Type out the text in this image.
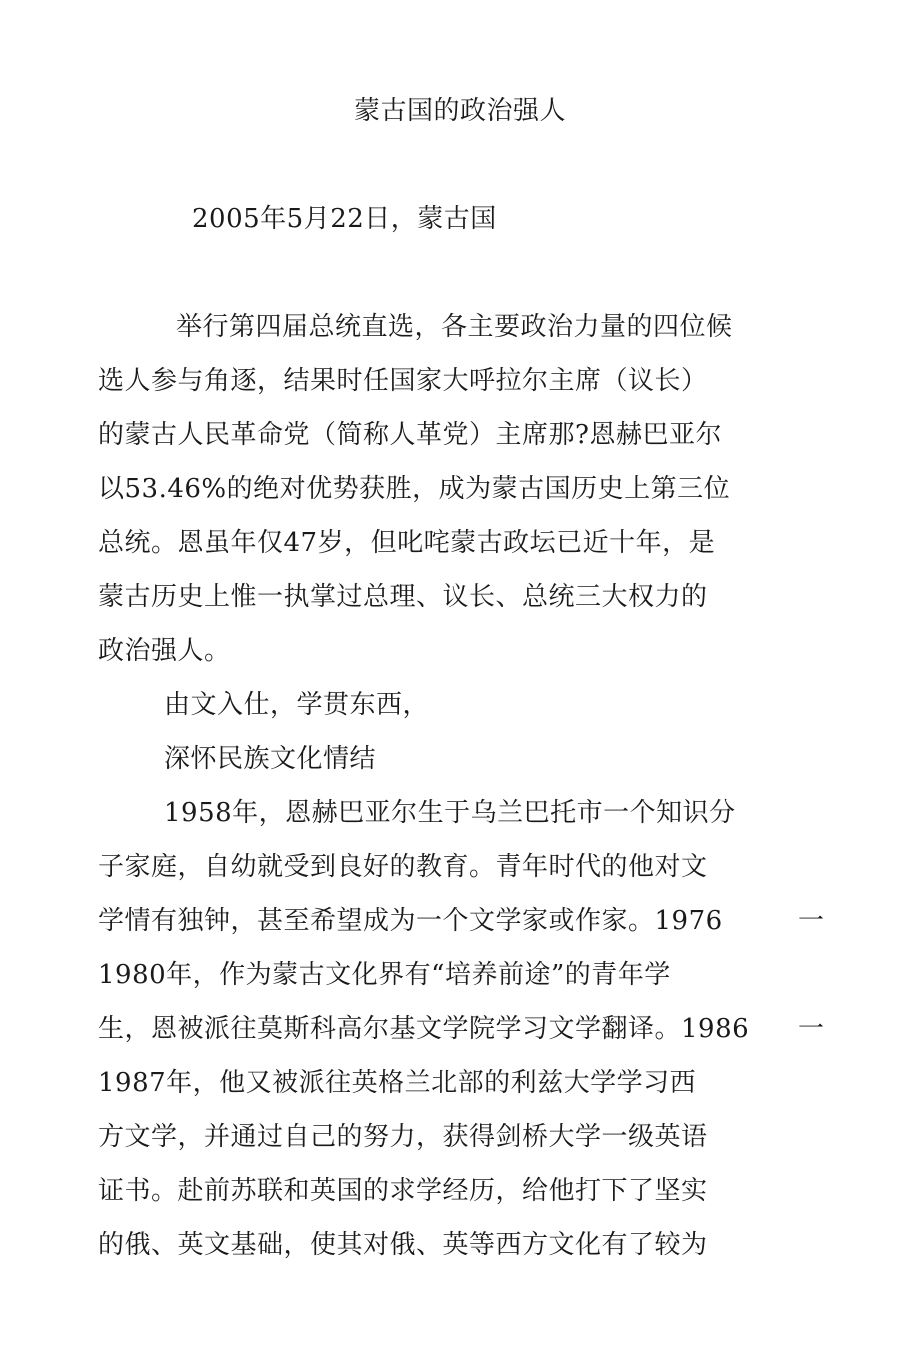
蒙古国的政治强人
2005年5月22日，蒙古国
举行第四届总统直选，各主要政治力量的四位候
选人参与角逐，结果时任国家大呼拉尔主席（议长）
的蒙古人民革命党（简称人革党）主席那?恩赫巴亚尔
以53.46%的绝对优势获胜，成为蒙古国历史上第三位
总统。恩虽年仅47岁，但叱咤蒙古政坛已近十年，是
蒙古历史上惟一执掌过总理、议长、总统三大权力的
政治强人。
由文入仕，学贯东西，
深怀民族文化情结
1958年，恩赫巴亚尔生于乌兰巴托市一个知识分
子家庭，自幼就受到良好的教育。青年时代的他对文
学情有独钟，甚至希望成为一个文学家或作家。1976	一
1980年，作为蒙古文化界有“培养前途”的青年学
生，恩被派往莫斯科高尔基文学院学习文学翻译。1986 一
1987年，他又被派往英格兰北部的利兹大学学习西
方文学，并通过自己的努力，获得剑桥大学一级英语
证书。赴前苏联和英国的求学经历，给他打下了坚实
的俄、英文基础，使其对俄、英等西方文化有了较为
